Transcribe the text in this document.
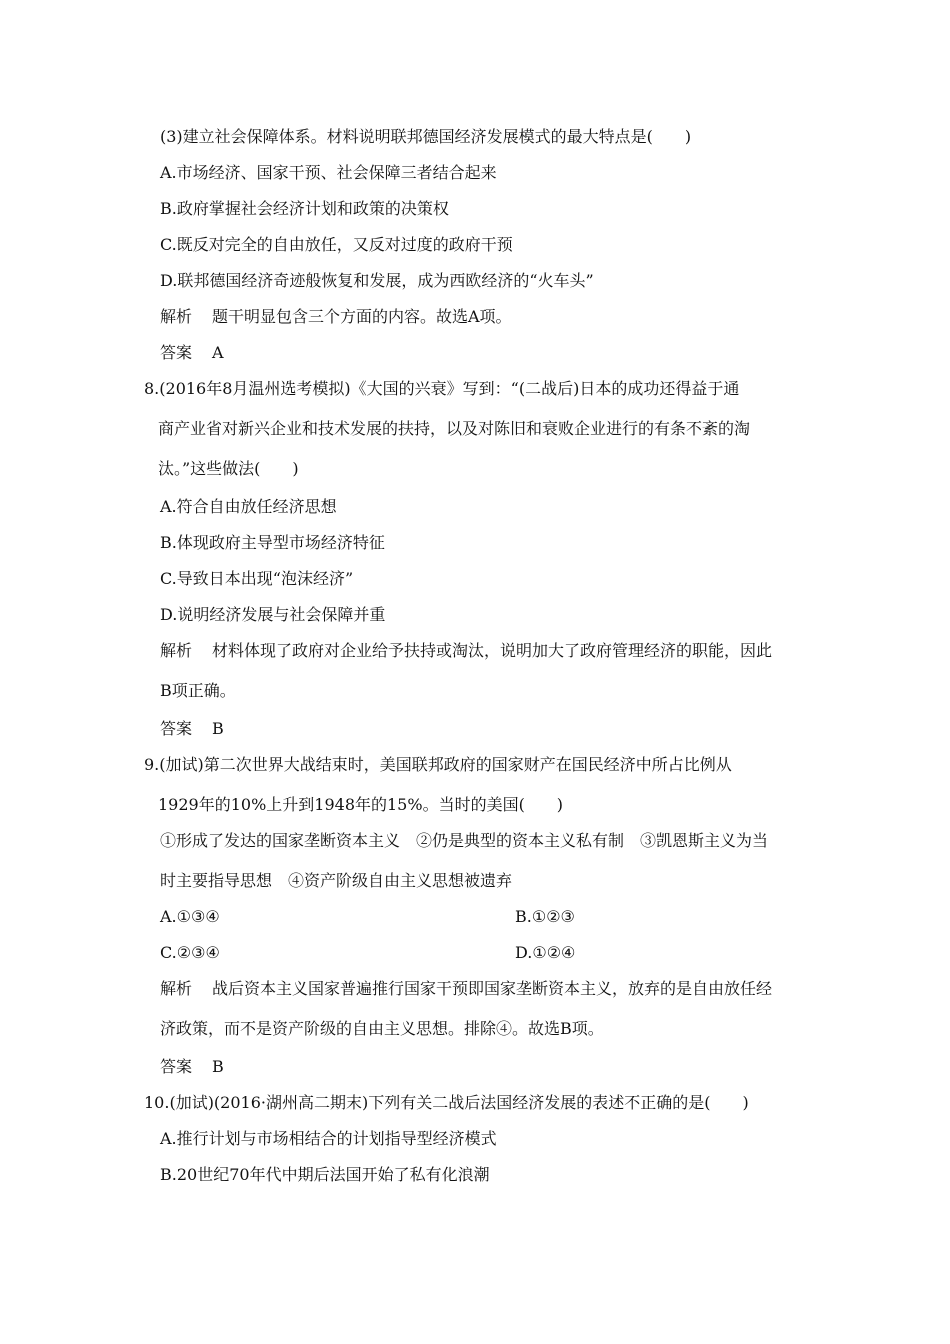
(3)建立社会保障体系。材料说明联邦德国经济发展模式的最大特点是(　　)
A.市场经济、国家干预、社会保障三者结合起来
B.政府掌握社会经济计划和政策的决策权
C.既反对完全的自由放任，又反对过度的政府干预
D.联邦德国经济奇迹般恢复和发展，成为西欧经济的“火车头”
解析 题干明显包含三个方面的内容。故选A项。
答案 A
8.(2016年8月温州选考模拟)《大国的兴衰》写到：“(二战后)日本的成功还得益于通
商产业省对新兴企业和技术发展的扶持，以及对陈旧和衰败企业进行的有条不紊的淘
汰。”这些做法(　　)
A.符合自由放任经济思想
B.体现政府主导型市场经济特征
C.导致日本出现“泡沫经济”
D.说明经济发展与社会保障并重
解析 材料体现了政府对企业给予扶持或淘汰，说明加大了政府管理经济的职能，因此
B项正确。
答案 B
9.(加试)第二次世界大战结束时，美国联邦政府的国家财产在国民经济中所占比例从
1929年的10%上升到1948年的15%。当时的美国(　　)
①形成了发达的国家垄断资本主义　②仍是典型的资本主义私有制　③凯恩斯主义为当
时主要指导思想　④资产阶级自由主义思想被遗弃
A.①③④	B.①②③
C.②③④	D.①②④
解析 战后资本主义国家普遍推行国家干预即国家垄断资本主义，放弃的是自由放任经
济政策，而不是资产阶级的自由主义思想。排除④。故选B项。
答案 B
10.(加试)(2016·湖州高二期末)下列有关二战后法国经济发展的表述不正确的是(　　)
A.推行计划与市场相结合的计划指导型经济模式
B.20世纪70年代中期后法国开始了私有化浪潮
